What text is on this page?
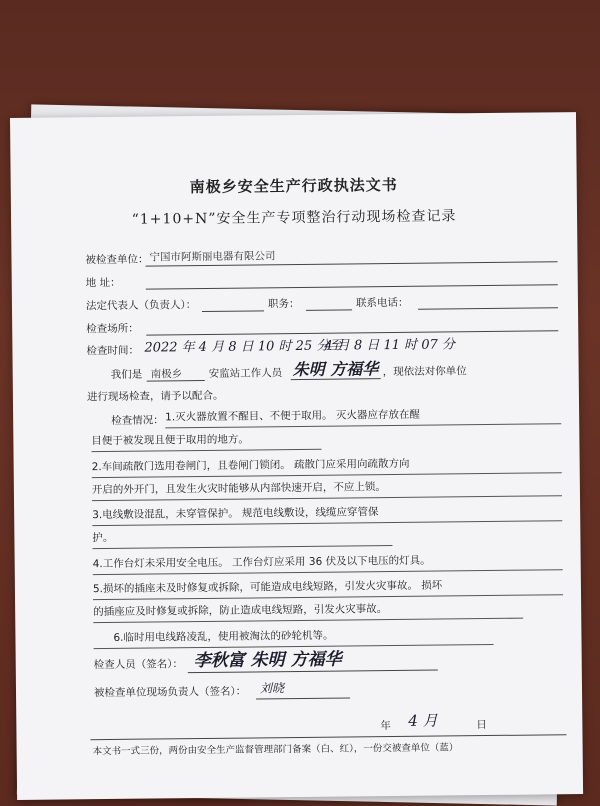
南极乡安全生产行政执法文书
“1+10+N”安全生产专项整治行动现场检查记录
被检查单位： 宁国市阿斯丽电器有限公司
地 址：
法定代表人（负责人）：	职务：	联系电话：
检查场所：
检查时间： 2022 年 4 月 8 日 10 时 25 分至
4 月 8 日 11 时 07 分
我们是 南极乡	安监站工作人员 朱明 方福华 ，现依法对你单位
进行现场检查，请予以配合。
检查情况： 1.灭火器放置不醒目、不便于取用。 灭火器应存放在醒
目便于被发现且便于取用的地方。
2.车间疏散门选用卷闸门，且卷闸门锁闭。 疏散门应采用向疏散方向
开启的外开门，且发生火灾时能够从内部快速开启，不应上锁。
3.电线敷设混乱，未穿管保护。 规范电线敷设，线缆应穿管保
护。
4.工作台灯未采用安全电压。 工作台灯应采用 36 伏及以下电压的灯具。
5.损坏的插座未及时修复或拆除，可能造成电线短路，引发火灾事故。 损坏
的插座应及时修复或拆除，防止造成电线短路，引发火灾事故。
6.临时用电线路凌乱，使用被淘汰的砂轮机等。
检查人员（签名）： 李秋富 朱明 方福华
被检查单位现场负责人（签名）： 刘晓
年 4 月	日
本文书一式三份，两份由安全生产监督管理部门备案（白、红），一份交被查单位（蓝）
